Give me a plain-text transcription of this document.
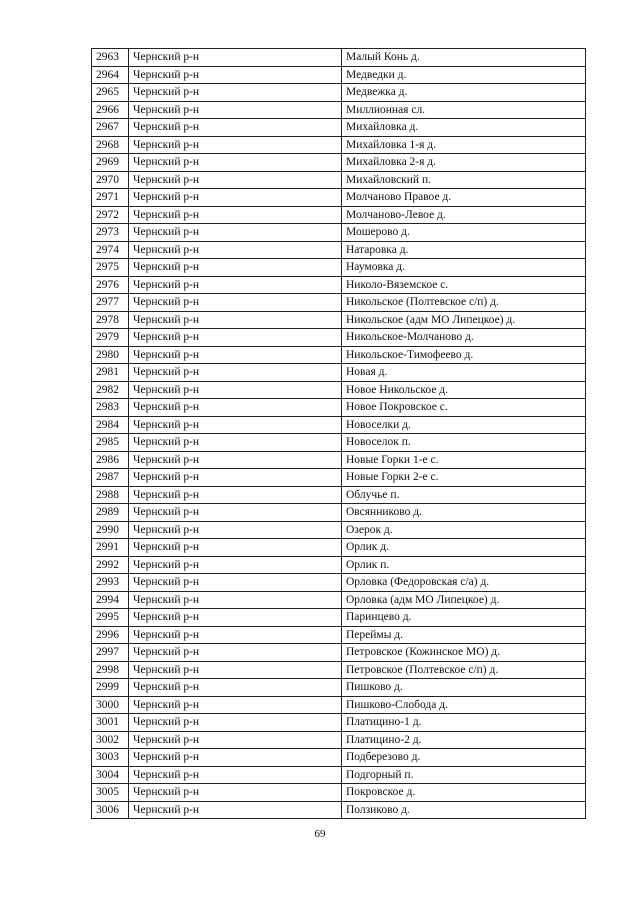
2963	Чернский р-н	Малый Конь д.
2964	Чернский р-н	Медведки д.
2965	Чернский р-н	Медвежка д.
2966	Чернский р-н	Миллионная сл.
2967	Чернский р-н	Михайловка д.
2968	Чернский р-н	Михайловка 1-я д.
2969	Чернский р-н	Михайловка 2-я д.
2970	Чернский р-н	Михайловский п.
2971	Чернский р-н	Молчаново Правое д.
2972	Чернский р-н	Молчаново-Левое д.
2973	Чернский р-н	Мошерово д.
2974	Чернский р-н	Натаровка д.
2975	Чернский р-н	Наумовка д.
2976	Чернский р-н	Николо-Вяземское с.
2977	Чернский р-н	Никольское (Полтевское с/п) д.
2978	Чернский р-н	Никольское (адм МО Липецкое) д.
2979	Чернский р-н	Никольское-Молчаново д.
2980	Чернский р-н	Никольское-Тимофеево д.
2981	Чернский р-н	Новая д.
2982	Чернский р-н	Новое Никольское д.
2983	Чернский р-н	Новое Покровское с.
2984	Чернский р-н	Новоселки д.
2985	Чернский р-н	Новоселок п.
2986	Чернский р-н	Новые Горки 1-е с.
2987	Чернский р-н	Новые Горки 2-е с.
2988	Чернский р-н	Облучье п.
2989	Чернский р-н	Овсянниково д.
2990	Чернский р-н	Озерок д.
2991	Чернский р-н	Орлик д.
2992	Чернский р-н	Орлик п.
2993	Чернский р-н	Орловка (Федоровская с/а) д.
2994	Чернский р-н	Орловка (адм МО Липецкое) д.
2995	Чернский р-н	Паринцево д.
2996	Чернский р-н	Переймы д.
2997	Чернский р-н	Петровское (Кожинское МО) д.
2998	Чернский р-н	Петровское (Полтевское с/п) д.
2999	Чернский р-н	Пишково д.
3000	Чернский р-н	Пишково-Слобода д.
3001	Чернский р-н	Платицино-1 д.
3002	Чернский р-н	Платицино-2 д.
3003	Чернский р-н	Подберезово д.
3004	Чернский р-н	Подгорный п.
3005	Чернский р-н	Покровское д.
3006	Чернский р-н	Ползиково д.
69
